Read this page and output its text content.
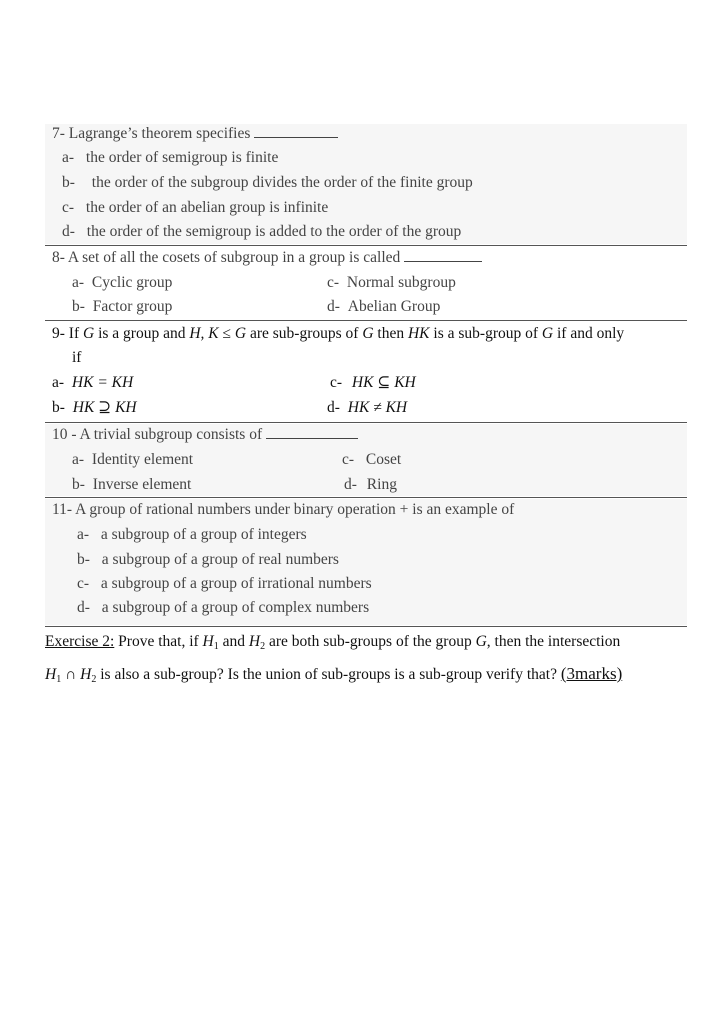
7- Lagrange’s theorem specifies
a- the order of semigroup is finite
b- the order of the subgroup divides the order of the finite group
c- the order of an abelian group is infinite
d- the order of the semigroup is added to the order of the group
8- A set of all the cosets of subgroup in a group is called
a- Cyclic group	c- Normal subgroup
b- Factor group	d- Abelian Group
9- If G is a group and H, K ≤ G are sub-groups of G then HK is a sub-group of G if and only
if
a- HK = KH	c- HK ⊆ KH
b- HK ⊇ KH	d- HK ≠ KH
10 - A trivial subgroup consists of
a- Identity element	c- Coset
b- Inverse element	d- Ring
11- A group of rational numbers under binary operation + is an example of
a- a subgroup of a group of integers
b- a subgroup of a group of real numbers
c- a subgroup of a group of irrational numbers
d- a subgroup of a group of complex numbers
Exercise 2: Prove that, if $H_1$ and $H_2$ are both sub-groups of the group G, then the intersection
$H_1$ ∩ $H_2$ is also a sub-group? Is the union of sub-groups is a sub-group verify that? (3marks)
